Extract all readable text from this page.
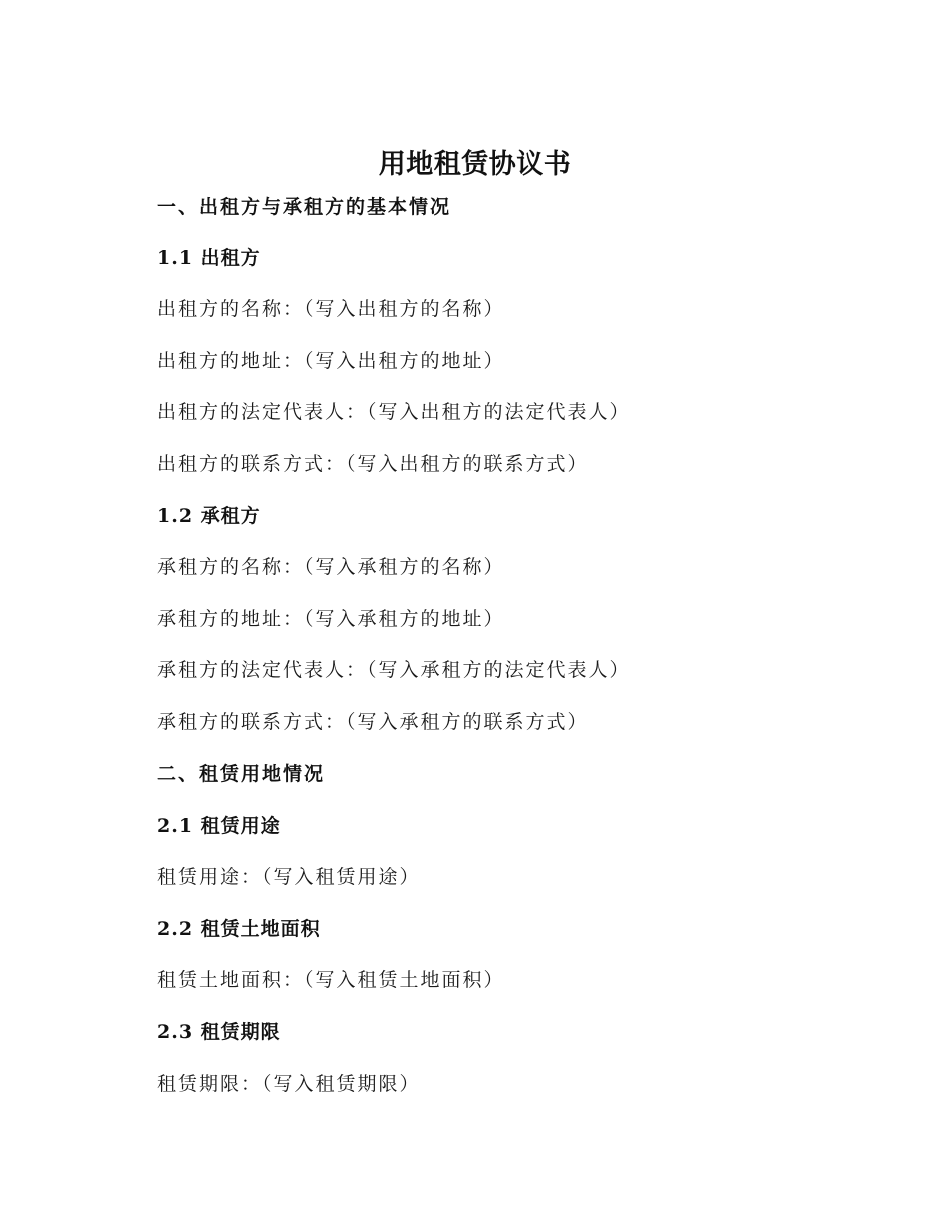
用地租赁协议书
一、出租方与承租方的基本情况
1.1 出租方
出租方的名称：（写入出租方的名称）
出租方的地址：（写入出租方的地址）
出租方的法定代表人：（写入出租方的法定代表人）
出租方的联系方式：（写入出租方的联系方式）
1.2 承租方
承租方的名称：（写入承租方的名称）
承租方的地址：（写入承租方的地址）
承租方的法定代表人：（写入承租方的法定代表人）
承租方的联系方式：（写入承租方的联系方式）
二、租赁用地情况
2.1 租赁用途
租赁用途：（写入租赁用途）
2.2 租赁土地面积
租赁土地面积：（写入租赁土地面积）
2.3 租赁期限
租赁期限：（写入租赁期限）
